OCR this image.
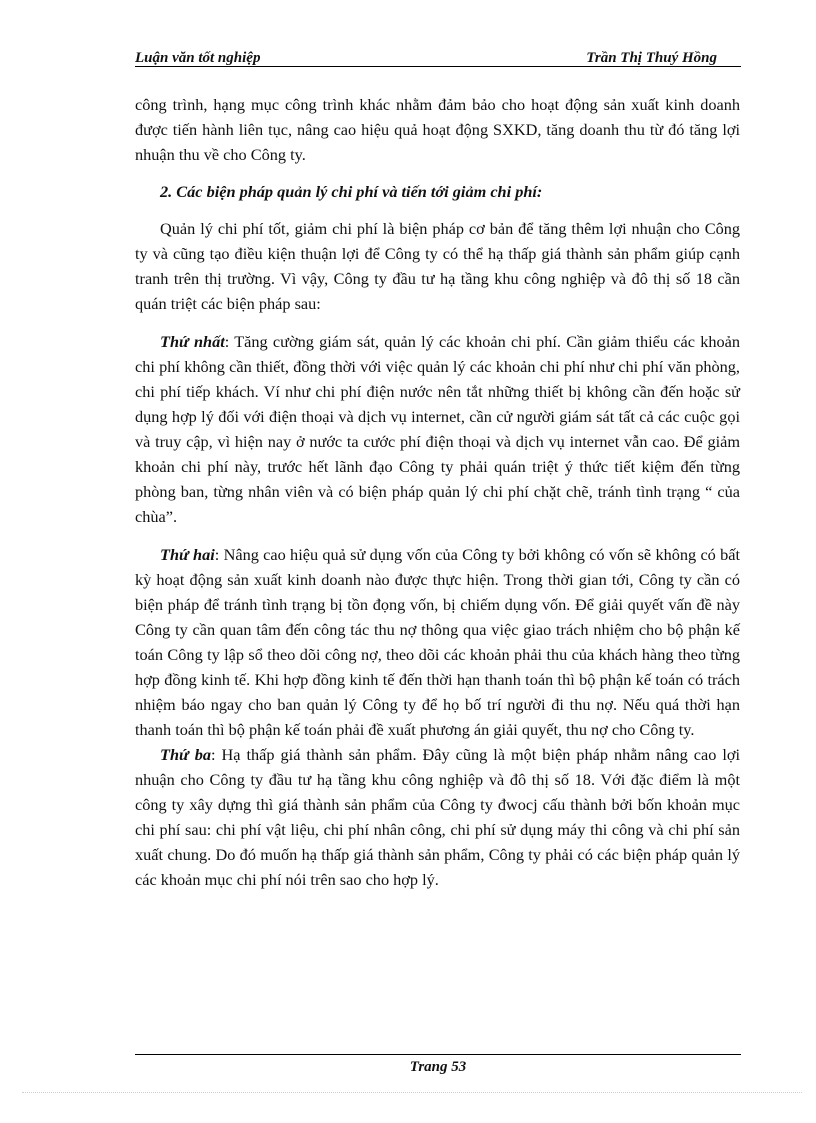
Luận văn tốt nghiệp	Trần Thị Thuý Hồng

công trình, hạng mục công trình khác nhằm đảm bảo cho hoạt động sản xuất kinh doanh được tiến hành liên tục, nâng cao hiệu quả hoạt động SXKD, tăng doanh thu từ đó tăng lợi nhuận thu về cho Công ty.

2. Các biện pháp quản lý chi phí và tiến tới giảm chi phí:

Quản lý chi phí tốt, giảm chi phí là biện pháp cơ bản để tăng thêm lợi nhuận cho Công ty và cũng tạo điều kiện thuận lợi để Công ty có thể hạ thấp giá thành sản phẩm giúp cạnh tranh trên thị trường. Vì vậy, Công ty đầu tư hạ tầng khu công nghiệp và đô thị số 18 cần quán triệt các biện pháp sau:

Thứ nhất: Tăng cường giám sát, quản lý các khoản chi phí. Cần giảm thiểu các khoản chi phí không cần thiết, đồng thời với việc quản lý các khoản chi phí như chi phí văn phòng, chi phí tiếp khách. Ví như chi phí điện nước nên tắt những thiết bị không cần đến hoặc sử dụng hợp lý đối với điện thoại và dịch vụ internet, cần cử người giám sát tất cả các cuộc gọi và truy cập, vì hiện nay ở nước ta cước phí điện thoại và dịch vụ internet vẫn cao. Để giảm khoản chi phí này, trước hết lãnh đạo Công ty phải quán triệt ý thức tiết kiệm đến từng phòng ban, từng nhân viên và có biện pháp quản lý chi phí chặt chẽ, tránh tình trạng “ của chùa”.

Thứ hai: Nâng cao hiệu quả sử dụng vốn của Công ty bởi không có vốn sẽ không có bất kỳ hoạt động sản xuất kinh doanh nào được thực hiện. Trong thời gian tới, Công ty cần có biện pháp để tránh tình trạng bị tồn đọng vốn, bị chiếm dụng vốn. Để giải quyết vấn đề này Công ty cần quan tâm đến công tác thu nợ thông qua việc giao trách nhiệm cho bộ phận kế toán Công ty lập sổ theo dõi công nợ, theo dõi các khoản phải thu của khách hàng theo từng hợp đồng kinh tế. Khi hợp đồng kinh tế đến thời hạn thanh toán thì bộ phận kế toán có trách nhiệm báo ngay cho ban quản lý Công ty để họ bố trí người đi thu nợ. Nếu quá thời hạn thanh toán thì bộ phận kế toán phải đề xuất phương án giải quyết, thu nợ cho Công ty.

Thứ ba: Hạ thấp giá thành sản phẩm. Đây cũng là một biện pháp nhằm nâng cao lợi nhuận cho Công ty đầu tư hạ tầng khu công nghiệp và đô thị số 18. Với đặc điểm là một công ty xây dựng thì giá thành sản phẩm của Công ty đwocj cấu thành bởi bốn khoản mục chi phí sau: chi phí vật liệu, chi phí nhân công, chi phí sử dụng máy thi công và chi phí sản xuất chung. Do đó muốn hạ thấp giá thành sản phẩm, Công ty phải có các biện pháp quản lý các khoản mục chi phí nói trên sao cho hợp lý.

Trang 53
